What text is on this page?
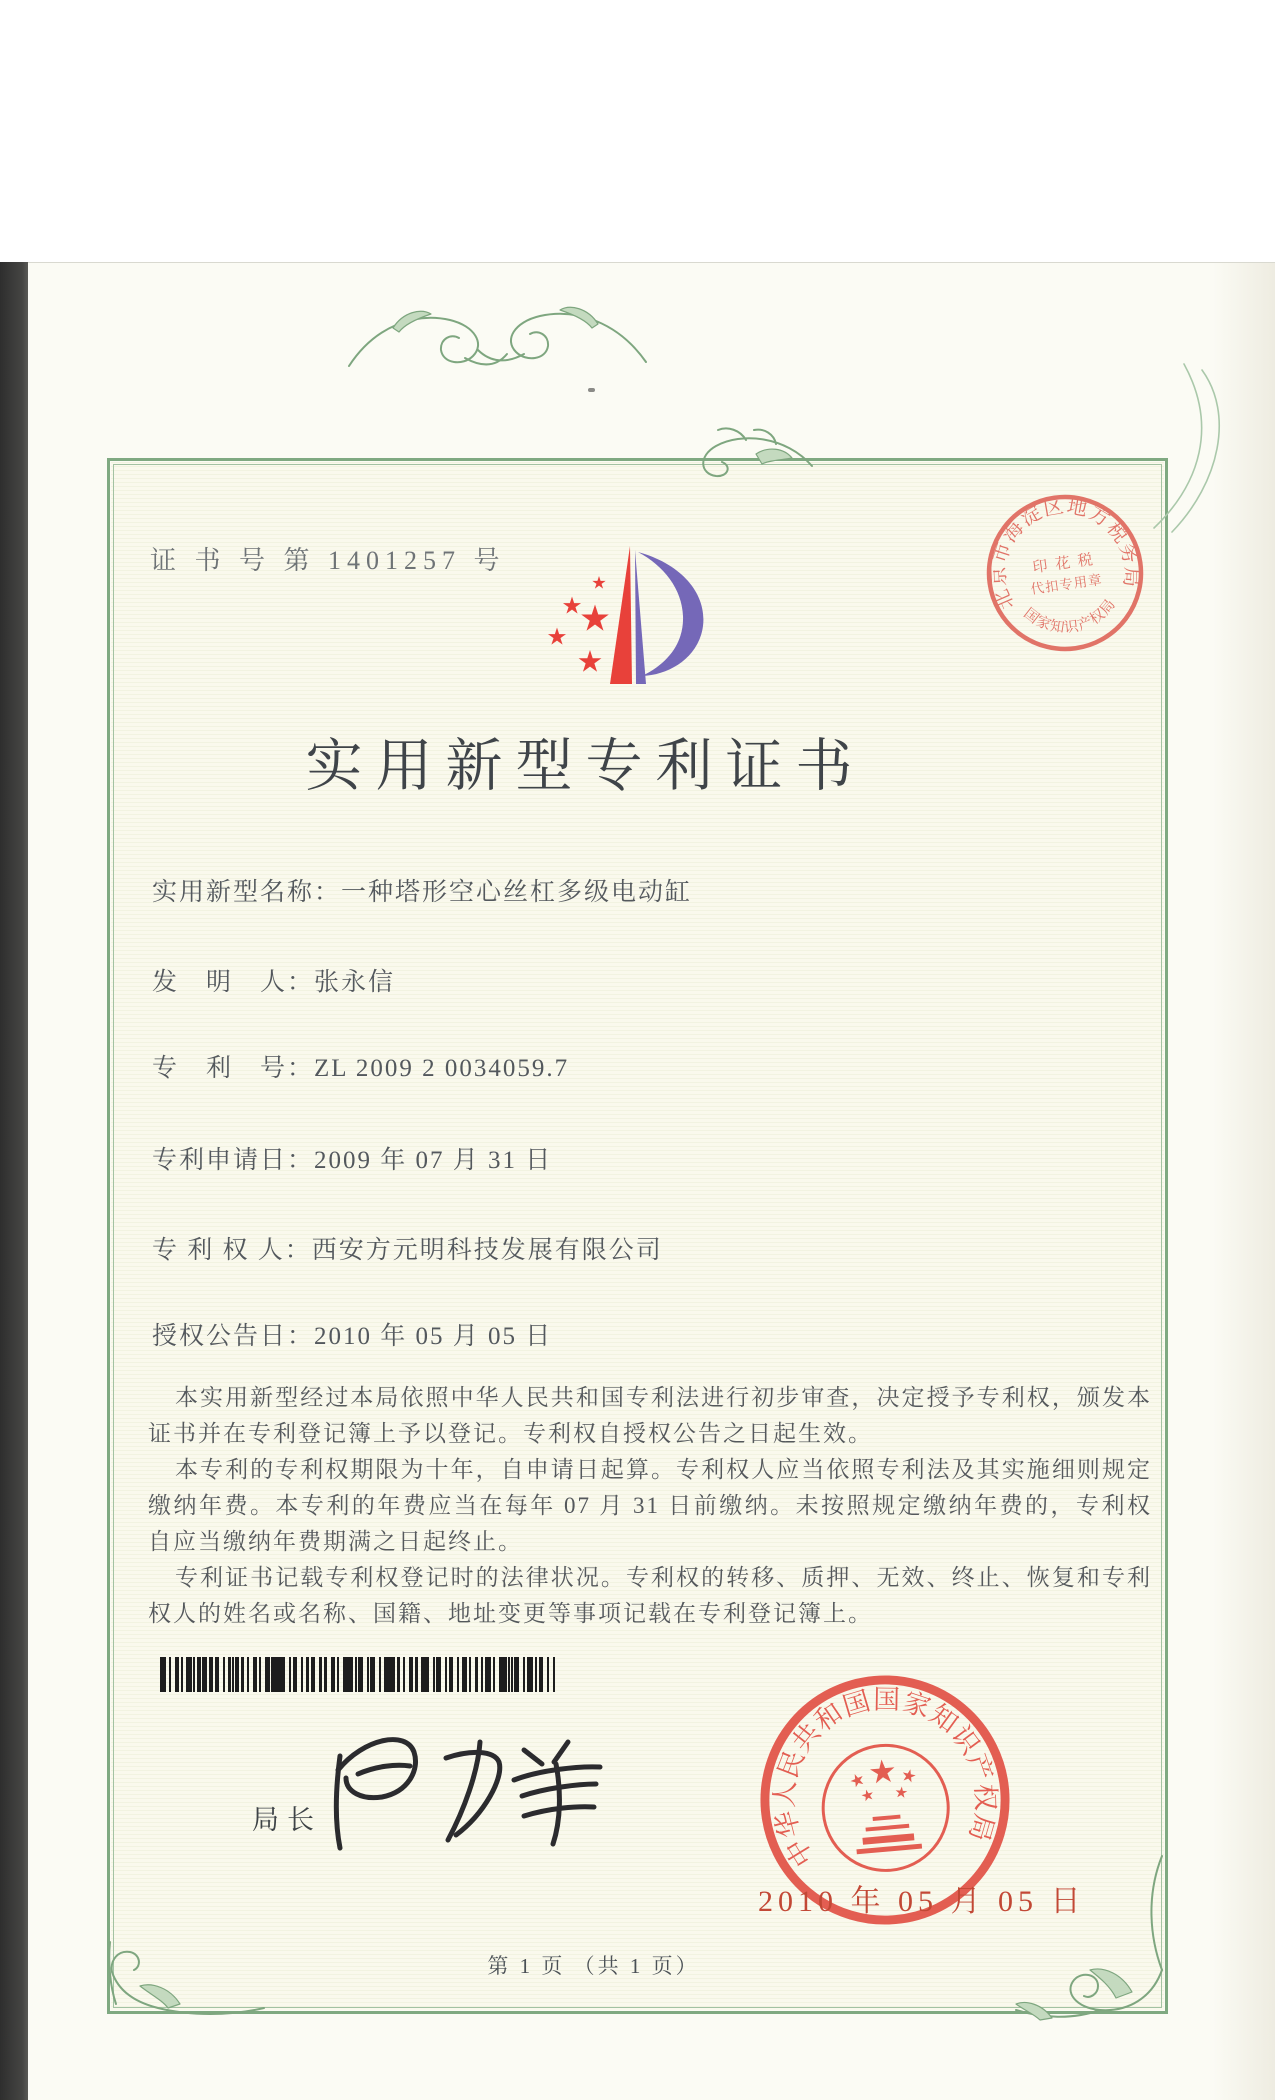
证 书 号 第 1401257 号
实用新型专利证书
实用新型名称：一种塔形空心丝杠多级电动缸
发　明　人：张永信
专　利　号：ZL 2009 2 0034059.7
专利申请日：2009 年 07 月 31 日
专 利 权 人：西安方元明科技发展有限公司
授权公告日：2010 年 05 月 05 日

本实用新型经过本局依照中华人民共和国专利法进行初步审查，决定授予专利权，颁发本证书并在专利登记簿上予以登记。专利权自授权公告之日起生效。

本专利的专利权期限为十年，自申请日起算。专利权人应当依照专利法及其实施细则规定缴纳年费。本专利的年费应当在每年 07 月 31 日前缴纳。未按照规定缴纳年费的，专利权自应当缴纳年费期满之日起终止。

专利证书记载专利权登记时的法律状况。专利权的转移、质押、无效、终止、恢复和专利权人的姓名或名称、国籍、地址变更等事项记载在专利登记簿上。

局长
中华人民共和国国家知识产权局
2010 年 05 月 05 日
北京市海淀区地方税务局
国家知识产权局
印 花 税
代扣专用章
第 1 页 （共 1 页）
